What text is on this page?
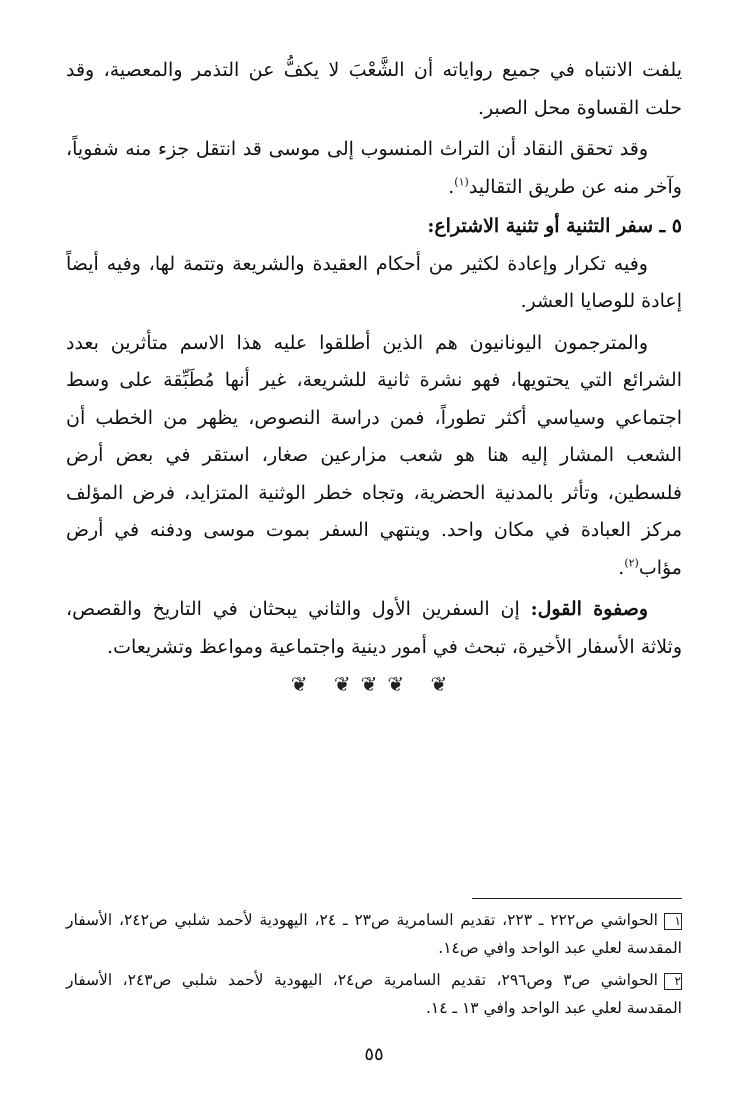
يلفت الانتباه في جميع رواياته أن الشَّعْبَ لا يكفُّ عن التذمر والمعصية، وقد حلت القساوة محل الصبر.

وقد تحقق النقاد أن التراث المنسوب إلى موسى قد انتقل جزء منه شفوياً، وآخر منه عن طريق التقاليد$^{(١)}$.

٥ ـ سفر التثنية أو تثنية الاشتراع:

وفيه تكرار وإعادة لكثير من أحكام العقيدة والشريعة وتتمة لها، وفيه أيضاً إعادة للوصايا العشر.

والمترجمون اليونانيون هم الذين أطلقوا عليه هذا الاسم متأثرين بعدد الشرائع التي يحتويها، فهو نشرة ثانية للشريعة، غير أنها مُطَبِّقة على وسط اجتماعي وسياسي أكثر تطوراً، فمن دراسة النصوص، يظهر من الخطب أن الشعب المشار إليه هنا هو شعب مزارعين صغار، استقر في بعض أرض فلسطين، وتأثر بالمدنية الحضرية، وتجاه خطر الوثنية المتزايد، فرض المؤلف مركز العبادة في مكان واحد. وينتهي السفر بموت موسى ودفنه في أرض مؤاب$^{(٢)}$.

وصفوة القول: إن السفرين الأول والثاني يبحثان في التاريخ والقصص، وثلاثة الأسفار الأخيرة، تبحث في أمور دينية واجتماعية ومواعظ وتشريعات.

❦ ❦❦❦ ❦

١الحواشي ص٢٢٢ ـ ٢٢٣، تقديم السامرية ص٢٣ ـ ٢٤، اليهودية لأحمد شلبي ص٢٤٢، الأسفار المقدسة لعلي عبد الواحد وافي ص١٤.

٢الحواشي ص٣ وص٢٩٦، تقديم السامرية ص٢٤، اليهودية لأحمد شلبي ص٢٤٣، الأسفار المقدسة لعلي عبد الواحد وافي ١٣ ـ ١٤.

٥٥
